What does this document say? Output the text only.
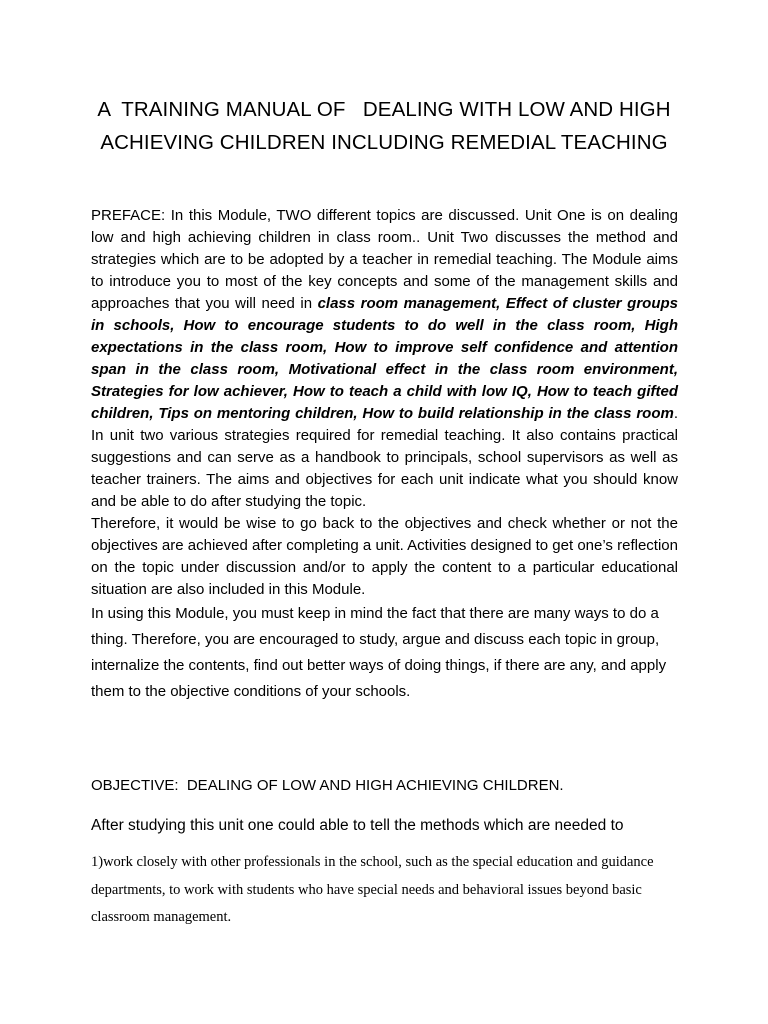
A  TRAINING MANUAL OF   DEALING WITH LOW AND HIGH
ACHIEVING CHILDREN INCLUDING REMEDIAL TEACHING
PREFACE: In this Module, TWO different topics are discussed. Unit One is on dealing low and high achieving children in class room.. Unit Two discusses the method and strategies which are to be adopted by a teacher in remedial teaching. The Module aims to introduce you to most of the key concepts and some of the management skills and approaches that you will need in class room management, Effect of cluster groups in schools, How to encourage students to do well in the class room, High expectations in the class room, How to improve self confidence and attention span in the class room, Motivational effect in the class room environment, Strategies for low achiever, How to teach a child with low IQ, How to teach gifted children, Tips on mentoring children, How to build relationship in the class room.    In unit two various strategies required for remedial teaching. It also contains practical suggestions and can serve as a handbook to principals, school supervisors as well as teacher trainers. The aims and objectives for each unit indicate what you should know and be able to do after studying the topic.
Therefore, it would be wise to go back to the objectives and check whether or not the objectives are achieved after completing a unit. Activities designed to get one’s reflection on the topic under discussion and/or to apply the content to a particular educational situation are also included in this Module.
In using this Module, you must keep in mind the fact that there are many ways to do a thing. Therefore, you are encouraged to study, argue and discuss each topic in group, internalize the contents, find out better ways of doing things, if there are any, and apply them to the objective conditions of your schools.
OBJECTIVE:  DEALING OF LOW AND HIGH ACHIEVING CHILDREN.
After studying this unit one could able to tell the methods which are needed to
1)work closely with other professionals in the school, such as the special education and guidance departments, to work with students who have special needs and behavioral issues beyond basic classroom management.
